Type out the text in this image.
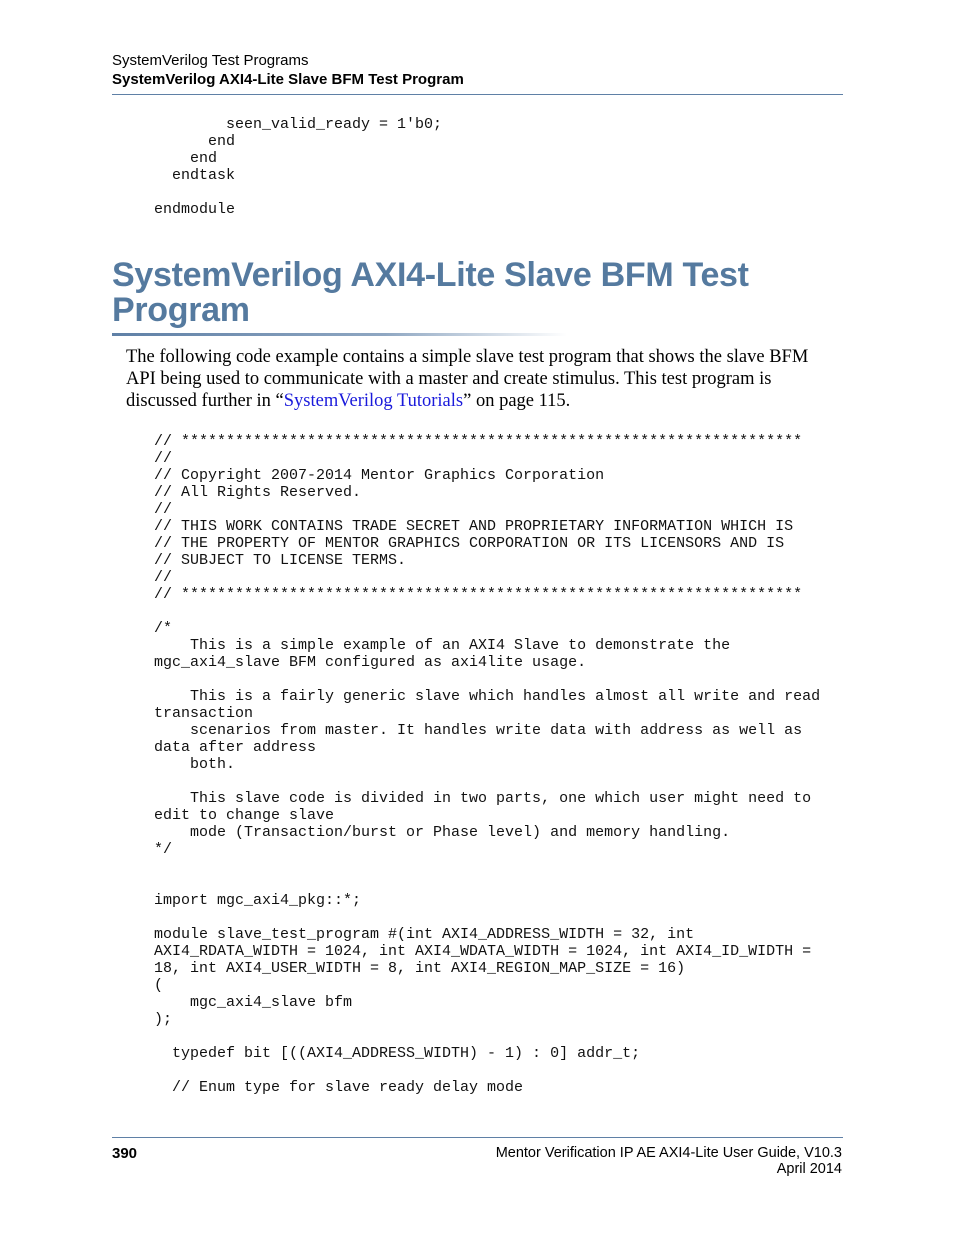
SystemVerilog Test Programs
SystemVerilog AXI4-Lite Slave BFM Test Program
seen_valid_ready = 1'b0;
end
end
endtask

endmodule
SystemVerilog AXI4-Lite Slave BFM Test
Program
The following code example contains a simple slave test program that shows the slave BFM API being used to communicate with a master and create stimulus. This test program is discussed further in “SystemVerilog Tutorials” on page 115.
// *********************************************************************
//
// Copyright 2007-2014 Mentor Graphics Corporation
// All Rights Reserved.
//
// THIS WORK CONTAINS TRADE SECRET AND PROPRIETARY INFORMATION WHICH IS
// THE PROPERTY OF MENTOR GRAPHICS CORPORATION OR ITS LICENSORS AND IS
// SUBJECT TO LICENSE TERMS.
//
// *********************************************************************

/*
This is a simple example of an AXI4 Slave to demonstrate the
mgc_axi4_slave BFM configured as axi4lite usage.

This is a fairly generic slave which handles almost all write and read
transaction
scenarios from master. It handles write data with address as well as
data after address
both.

This slave code is divided in two parts, one which user might need to
edit to change slave
mode (Transaction/burst or Phase level) and memory handling.
*/

import mgc_axi4_pkg::*;

module slave_test_program #(int AXI4_ADDRESS_WIDTH = 32, int
AXI4_RDATA_WIDTH = 1024, int AXI4_WDATA_WIDTH = 1024, int AXI4_ID_WIDTH =
18, int AXI4_USER_WIDTH = 8, int AXI4_REGION_MAP_SIZE = 16)
(
mgc_axi4_slave bfm
);

typedef bit [((AXI4_ADDRESS_WIDTH) - 1) : 0] addr_t;

// Enum type for slave ready delay mode
390	Mentor Verification IP AE AXI4-Lite User Guide, V10.3
April 2014
